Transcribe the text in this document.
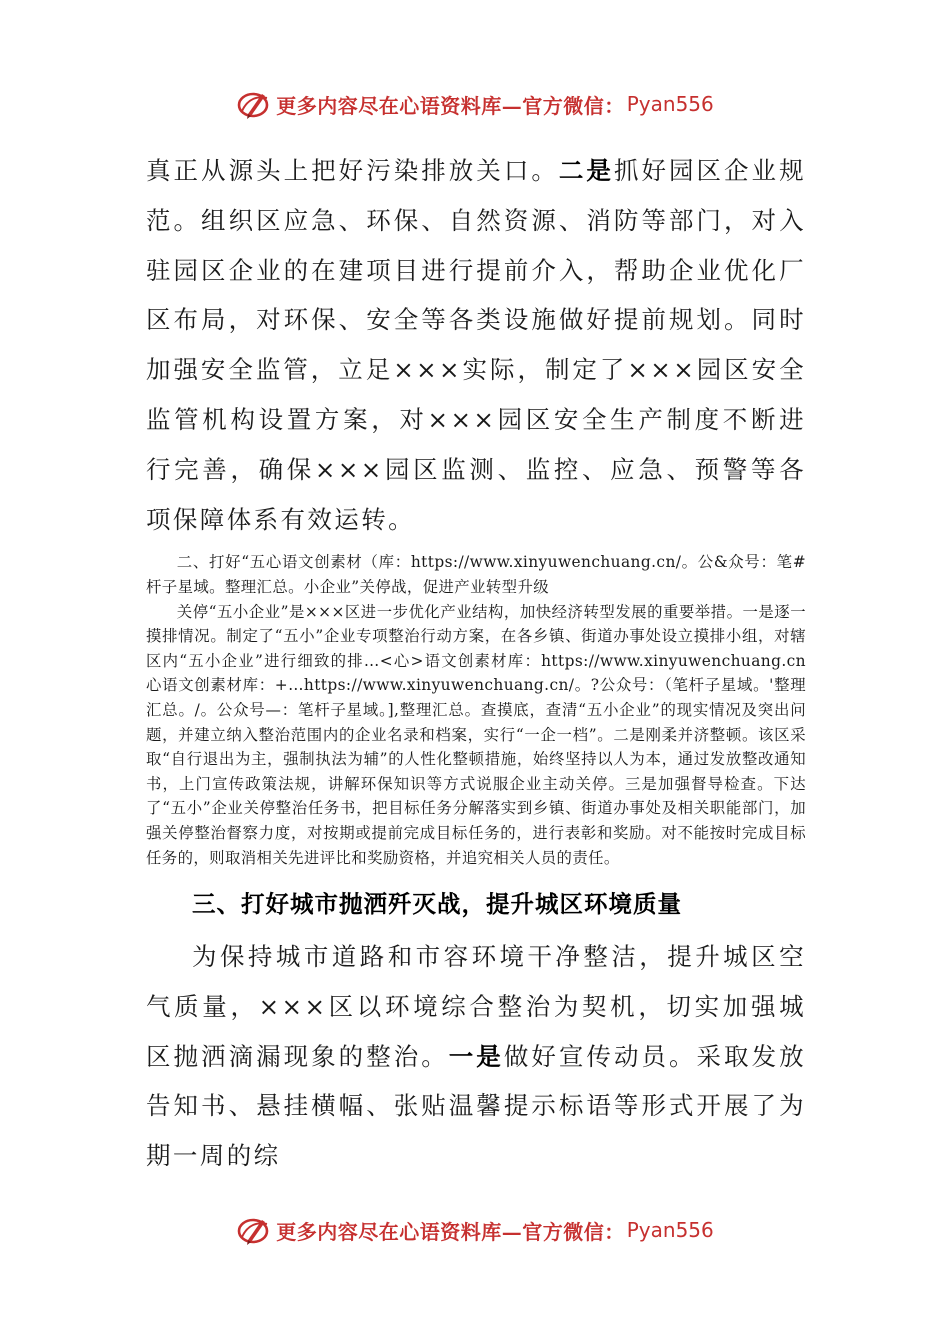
更多内容尽在心语资料库—官方微信： Pyan556

真正从源头上把好污染排放关口。二是抓好园区企业规范。组织区应急、环保、自然资源、消防等部门，对入驻园区企业的在建项目进行提前介入，帮助企业优化厂区布局，对环保、安全等各类设施做好提前规划。同时加强安全监管，立足×××实际，制定了×××园区安全监管机构设置方案，对×××园区安全生产制度不断进行完善，确保×××园区监测、监控、应急、预警等各项保障体系有效运转。

二、打好“五心语文创素材（库：https://www.xinyuwenchuang.cn/。公&众号：笔#杆子星域。整理汇总。小企业”关停战，促进产业转型升级

关停“五小企业”是×××区进一步优化产业结构，加快经济转型发展的重要举措。一是逐一摸排情况。制定了“五小”企业专项整治行动方案，在各乡镇、街道办事处设立摸排小组，对辖区内“五小企业”进行细致的排…<心>语文创素材库：https://www.xinyuwenchuang.cn 心语文创素材库：+…https://www.xinyuwenchuang.cn/。?公众号：（笔杆子星域。'整理汇总。/。公众号—：笔杆子星域。],整理汇总。查摸底，查清“五小企业”的现实情况及突出问题，并建立纳入整治范围内的企业名录和档案，实行“一企一档”。二是刚柔并济整顿。该区采取“自行退出为主，强制执法为辅”的人性化整顿措施，始终坚持以人为本，通过发放整改通知书，上门宣传政策法规，讲解环保知识等方式说服企业主动关停。三是加强督导检查。下达了“五小”企业关停整治任务书，把目标任务分解落实到乡镇、街道办事处及相关职能部门，加强关停整治督察力度，对按期或提前完成目标任务的，进行表彰和奖励。对不能按时完成目标任务的，则取消相关先进评比和奖励资格，并追究相关人员的责任。

三、打好城市抛洒歼灭战，提升城区环境质量

为保持城市道路和市容环境干净整洁，提升城区空气质量，×××区以环境综合整治为契机，切实加强城区抛洒滴漏现象的整治。一是做好宣传动员。采取发放告知书、悬挂横幅、张贴温馨提示标语等形式开展了为期一周的综

更多内容尽在心语资料库—官方微信： Pyan556
